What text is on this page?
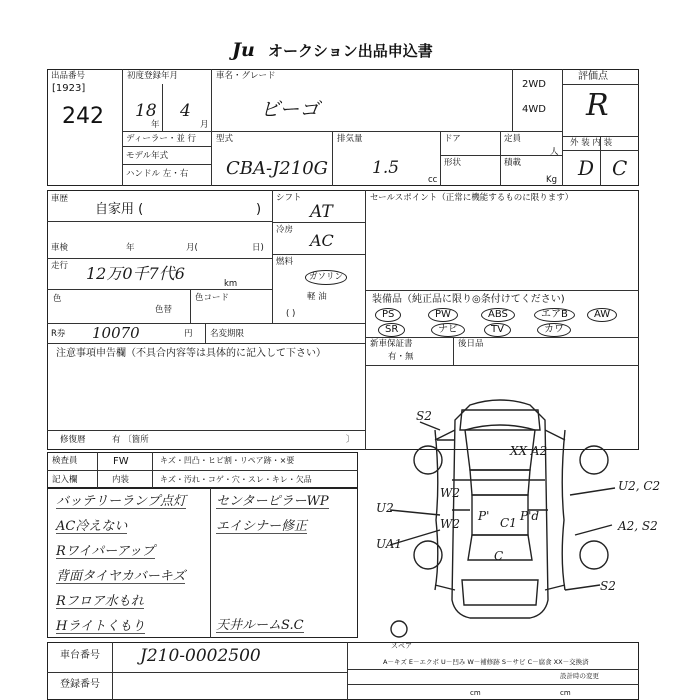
Ju オークション出品申込書
出品番号
[1923]
242
初度登録年月
18 4
年	月
車名・グレード
ビーゴ
2WD
4WD
評価点
R
ディーラー・並 行
モデル年式
ハンドル 左・右
型式
CBA-J210G
排気量
1.5
cc
ドア	定員
人
形状	積載
Kg
外 装 内 装
D C
車歴
自家用 (	)
車検	年	月(	日)
走行 12万0千7代6
km
色
色替
色コード
シフト
AT
冷房
AC
燃料
ガソリン
軽 油
( )
セールスポイント（正常に機能するものに限ります）
R券 10070	円 名変期限
装備品（純正品に限り◎条付けてください)
PS	PW	ABS	エアB	AW
SR	ナビ	TV	カワ
新車保証書
有・無
後日品
注意事項申告欄（不具合内容等は具体的に記入して下さい）
修復暦	有 〔箇所	〕
検査員	FW	キズ・凹凸・ヒビ割・リペア跡・×要
記入欄	内装	キズ・汚れ・コゲ・穴・スレ・キレ・欠品
バッテリーランプ点灯
AC冷えない
Rワイパーアップ
背面タイヤカバーキズ
Rフロア水もれ
Hライトくもり
センターピラーWP
エイシナー修正
天井ルームS.C
S2
XX A2
U2, C2
A2, S2
U2
W2
W2
UA1
S2
P' C1 P'd
C
スペア
車台番号 J210-0002500
登録番号
A－キズ E－エクボ U－凹み W－補修跡 S－サビ C－腐食 XX－交換済
設計時の変更
cm	cm
